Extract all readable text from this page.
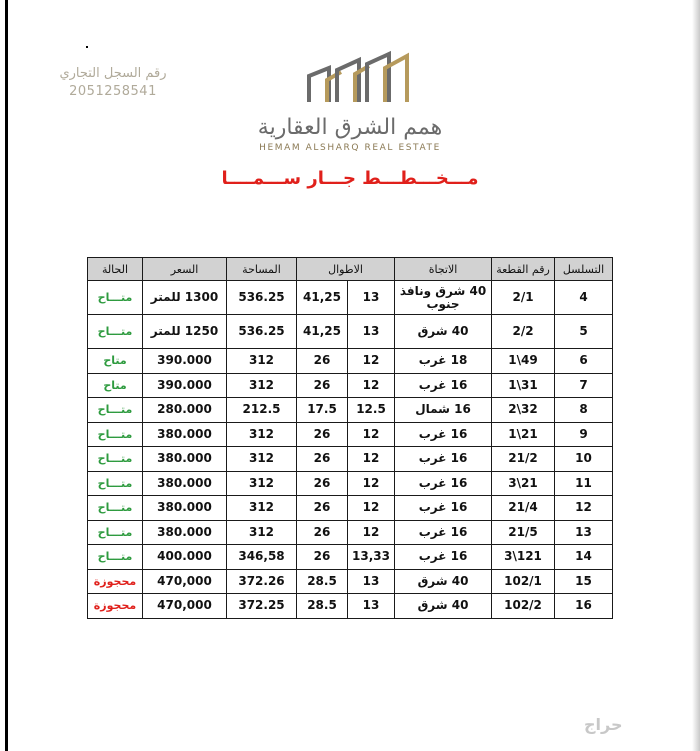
رقم السجل التجاري
2051258541
همم الشرق العقارية
HEMAM ALSHARQ REAL ESTATE
مـــخـــطـــط جـــار ســـمــــا
التسلسل	رقم القطعة	الاتجاة	الاطوال		المساحة	السعر	الحالة
4	2/1	40 شرق ونافذ جنوب	13	41,25	536.25	1300 للمتر	متـــاح
5	2/2	40 شرق	13	41,25	536.25	1250 للمتر	متـــاح
6	49\1	18 غرب	12	26	312	390.000	متاح
7	31\1	16 غرب	12	26	312	390.000	متاح
8	32\2	16 شمال	12.5	17.5	212.5	280.000	متـــاح
9	21\1	16 غرب	12	26	312	380.000	متـــاح
10	21/2	16 غرب	12	26	312	380.000	متـــاح
11	21\3	16 غرب	12	26	312	380.000	متـــاح
12	21/4	16 غرب	12	26	312	380.000	متـــاح
13	21/5	16 غرب	12	26	312	380.000	متـــاح
14	121\3	16 غرب	13,33	26	346,58	400.000	متـــاح
15	102/1	40 شرق	13	28.5	372.26	470,000	محجوزة
16	102/2	40 شرق	13	28.5	372.25	470,000	محجوزة
حراج
